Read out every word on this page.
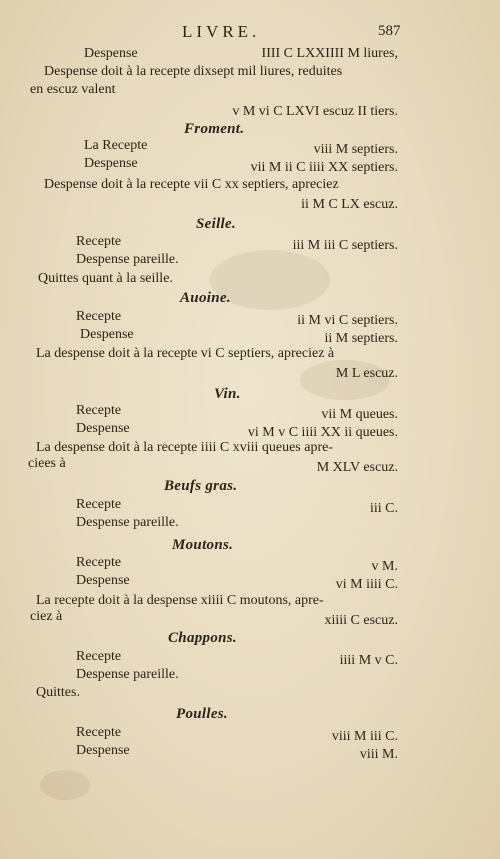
LIVRE.	587
Despense	IIII C LXXIIII M liures,
Despense doit à la recepte dixsept mil liures, reduites
en escuz valent
v M vi C LXVI escuz II tiers.
Froment.
La Recepte	viii M septiers.
Despense	vii M ii C iiii XX septiers.
Despense doit à la recepte vii C xx septiers, apreciez
ii M C LX escuz.
Seille.
Recepte	iii M iii C septiers.
Despense pareille.
Quittes quant à la seille.
Auoine.
Recepte	ii M vi C septiers.
Despense	ii M septiers.
La despense doit à la recepte vi C septiers, apreciez à
M L escuz.
Vin.
Recepte	vii M queues.
Despense	vi M v C iiii XX ii queues.
La despense doit à la recepte iiii C xviii queues apre-
ciees à	M XLV escuz.
Beufs gras.
Recepte	iii C.
Despense pareille.
Moutons.
Recepte	v M.
Despense	vi M iiii C.
La recepte doit à la despense xiiii C moutons, apre-
ciez à	xiiii C escuz.
Chappons.
Recepte	iiii M v C.
Despense pareille.
Quittes.
Poulles.
Recepte	viii M iii C.
Despense	viii M.
